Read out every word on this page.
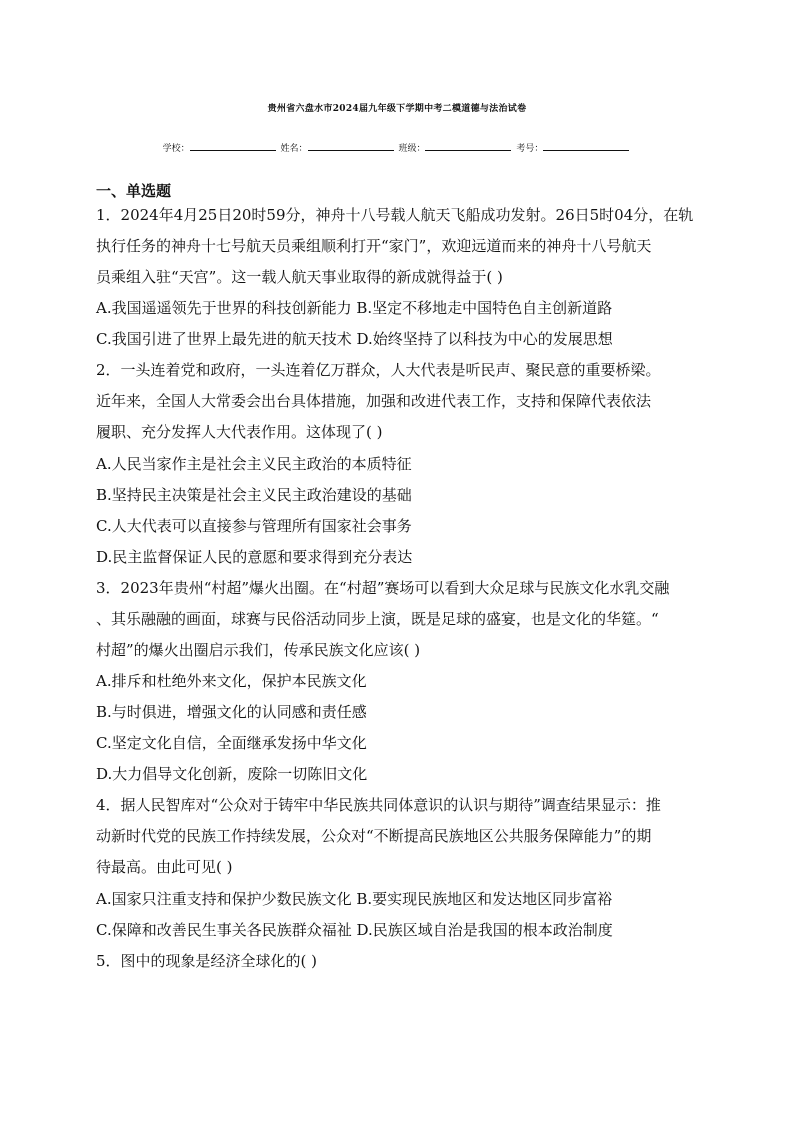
贵州省六盘水市2024届九年级下学期中考二模道德与法治试卷
学校：	姓名：	班级：	考号：
一、单选题
1．2024年4月25日20时59分，神舟十八号载人航天飞船成功发射。26日5时04分，在轨
执行任务的神舟十七号航天员乘组顺利打开“家门”，欢迎远道而来的神舟十八号航天
员乘组入驻“天宫”。这一载人航天事业取得的新成就得益于( )
A.我国遥遥领先于世界的科技创新能力 B.坚定不移地走中国特色自主创新道路
C.我国引进了世界上最先进的航天技术 D.始终坚持了以科技为中心的发展思想
2．一头连着党和政府，一头连着亿万群众，人大代表是听民声、聚民意的重要桥梁。
近年来，全国人大常委会出台具体措施，加强和改进代表工作，支持和保障代表依法
履职、充分发挥人大代表作用。这体现了( )
A.人民当家作主是社会主义民主政治的本质特征
B.坚持民主决策是社会主义民主政治建设的基础
C.人大代表可以直接参与管理所有国家社会事务
D.民主监督保证人民的意愿和要求得到充分表达
3．2023年贵州“村超”爆火出圈。在“村超”赛场可以看到大众足球与民族文化水乳交融
、其乐融融的画面，球赛与民俗活动同步上演，既是足球的盛宴，也是文化的华筵。“
村超”的爆火出圈启示我们，传承民族文化应该( )
A.排斥和杜绝外来文化，保护本民族文化
B.与时俱进，增强文化的认同感和责任感
C.坚定文化自信，全面继承发扬中华文化
D.大力倡导文化创新，废除一切陈旧文化
4．据人民智库对“公众对于铸牢中华民族共同体意识的认识与期待”调查结果显示：推
动新时代党的民族工作持续发展，公众对“不断提高民族地区公共服务保障能力”的期
待最高。由此可见( )
A.国家只注重支持和保护少数民族文化 B.要实现民族地区和发达地区同步富裕
C.保障和改善民生事关各民族群众福祉 D.民族区域自治是我国的根本政治制度
5．图中的现象是经济全球化的( )
